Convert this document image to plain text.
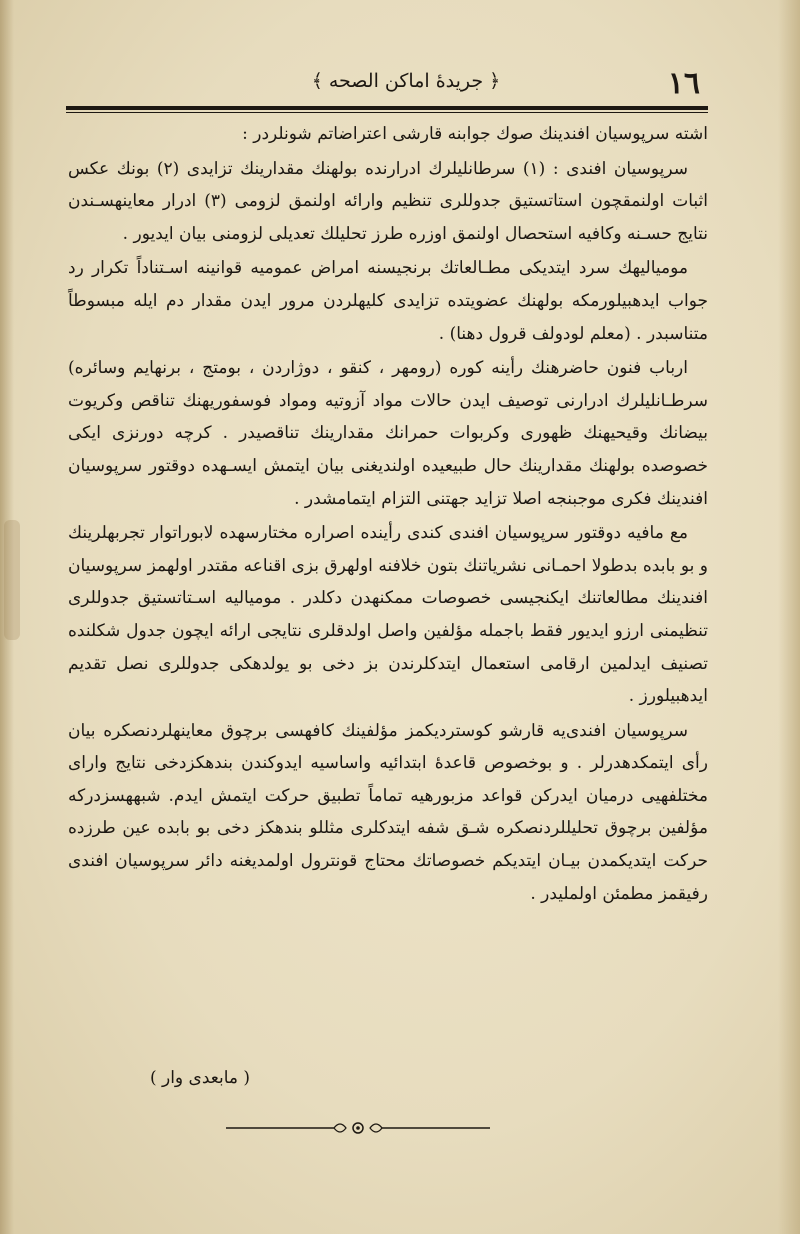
﴿ جريدهٔ اماكن الصحه ﴾	١٦

اشته سرپوسیان افندینك صوك جوابنه قارشی اعتراضاتم شونلردر :

سرپوسیان افندی : (١) سرطانلیلرك ادرارنده بولهنك مقدارینك تزایدی (٢) بونك عكس اثبات اولنمقچون استاتستیق جدوللری تنظیم وارائه اولنمق لزومی (٣) ادرار معاینهسـندن نتایج حسـنه وكافیه استحصال اولنمق اوزره طرز تحلیلك تعدیلی لزومنی بیان ایدیور .

مومیالیهك سرد ایتدیكی مطـالعاتك برنجیسنه امراض عمومیه قوانینه اسـتناداً تكرار رد جواب ایدهبیلورمكه بولهنك عضویتده تزایدی كلیهلردن مرور ایدن مقدار دم ایله مبسوطاً متناسبدر . (معلم لودولف قرول دهنا) .

ارباب فنون حاضرهنك رأینه كوره (رومهر ، كنقو ، دوژاردن ، بومتج ، برنهایم وسائره) سرطـانلیلرك ادرارنی توصیف ایدن حالات مواد آزوتیه ومواد فوسفوریهنك تناقص وكریوت بیضانك وقیحیهنك ظهوری وكربوات حمرانك مقدارینك تناقصیدر . كرچه دورنزی ایكی خصوصده بولهنك مقدارینك حال طبیعیده اولندیغنی بیان ایتمش ایسـهده دوقتور سرپوسیان افندینك فكری موجبنجه اصلا تزاید جهتنی التزام ایتمامشدر .

مع مافیه دوقتور سرپوسیان افندی كندی رأینده اصراره مختارسهده لابوراتوار تجربهلرینك و بو بابده بدطولا احمـانی نشریاتنك بتون خلافنه اولهرق بزی اقناعه مقتدر اولهمز سرپوسیان افندینك مطالعاتنك ایكنجیسی خصوصات ممكنهدن دكلدر . مومیالیه اسـتاتستیق جدوللری تنظیمنی ارزو ایدیور فقط باجمله مؤلفین واصل اولدقلری نتایجی ارائه ایچون جدول شكلنده تصنیف ایدلمین ارقامی استعمال ایتدكلرندن بز دخی بو یولدهكی جدوللری نصل تقدیم ایدهبیلورز .

سرپوسیان افندی‌یه قارشو كوستردیكمز مؤلفینك كافهسی برچوق معاینهلردنصكره بیان رأی ایتمكدهدرلر . و بوخصوص قاعدهٔ ابتدائیه واساسیه ایدوكندن بندهكزدخی نتایج وارای مختلفهیی درمیان ایدركن قواعد مزبورهیه تماماً تطبیق حركت ایتمش ایدم. شبههسزدركه مؤلفین برچوق تحلیللردنصكره شـق شفه ایتدكلری مثللو بندهكز دخی بو بابده عین طرزده حركت ایتدیكمدن بیـان ایتدیكم خصوصاتك محتاج قونترول اولمدیغنه دائر سرپوسیان افندی رفیقمز مطمئن اولملیدر .

( مابعدی وار )
